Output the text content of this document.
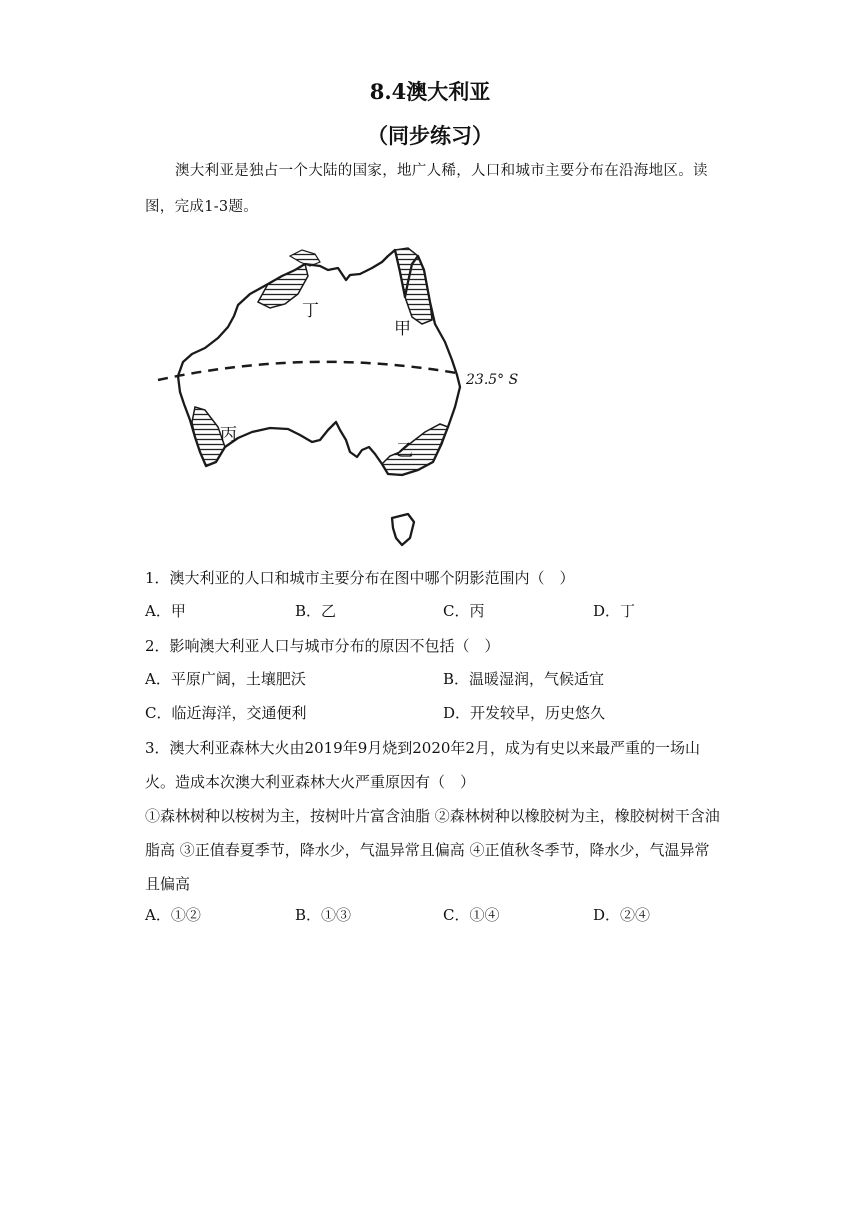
8.4澳大利亚
（同步练习）
澳大利亚是独占一个大陆的国家，地广人稀，人口和城市主要分布在沿海地区。读图，完成1-3题。
丁
甲
丙
乙
23.5° S
1．澳大利亚的人口和城市主要分布在图中哪个阴影范围内（　）
A．甲	B．乙	C．丙	D．丁
2．影响澳大利亚人口与城市分布的原因不包括（　）
A．平原广阔，土壤肥沃	B．温暖湿润，气候适宜
C．临近海洋，交通便利	D．开发较早，历史悠久
3．澳大利亚森林大火由2019年9月烧到2020年2月，成为有史以来最严重的一场山火。造成本次澳大利亚森林大火严重原因有（　）
①森林树种以桉树为主，按树叶片富含油脂 ②森林树种以橡胶树为主，橡胶树树干含油脂高 ③正值春夏季节，降水少，气温异常且偏高 ④正值秋冬季节，降水少，气温异常且偏高
A．①②	B．①③	C．①④	D．②④
